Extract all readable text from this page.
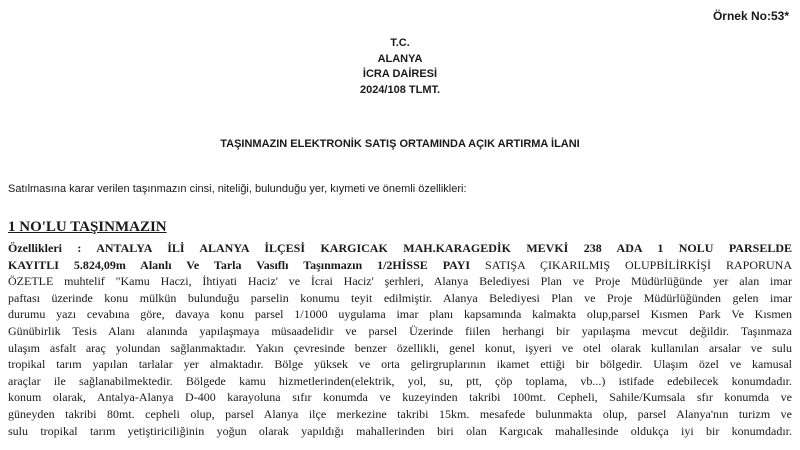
Örnek No:53*
T.C.
ALANYA
İCRA DAİRESİ
2024/108 TLMT.
TAŞINMAZIN ELEKTRONİK SATIŞ ORTAMINDA AÇIK ARTIRMA İLANI
Satılmasına karar verilen taşınmazın cinsi, niteliği, bulunduğu yer, kıymeti ve önemli özellikleri:
1 NO'LU TAŞINMAZIN
Özellikleri : ANTALYA İLİ ALANYA İLÇESİ KARGICAK MAH.KARAGEDİK MEVKİ 238 ADA 1 NOLU PARSELDE
KAYITLI 5.824,09m Alanlı Ve Tarla Vasıflı Taşınmazın 1/2HİSSE PAYI SATIŞA ÇIKARILMIŞ OLUPBİLİRKİŞİ RAPORUNA
ÖZETLE muhtelif "Kamu Haczi, İhtiyati Haciz' ve İcrai Haciz' şerhleri, Alanya Belediyesi Plan ve Proje Müdürlüğünde yer alan imar
paftası üzerinde konu mülkün bulunduğu parselin konumu teyit edilmiştir. Alanya Belediyesi Plan ve Proje Müdürlüğünden gelen imar
durumu yazı cevabına göre, davaya konu parsel 1/1000 uygulama imar planı kapsamında kalmakta olup,parsel Kısmen Park Ve Kısmen
Günübirlik Tesis Alanı alanında yapılaşmaya müsaadelidir ve parsel Üzerinde fiilen herhangi bir yapılaşma mevcut değildir. Taşınmaza
ulaşım asfalt araç yolundan sağlanmaktadır. Yakın çevresinde benzer özellikli, genel konut, işyeri ve otel olarak kullanılan arsalar ve sulu
tropikal tarım yapılan tarlalar yer almaktadır. Bölge yüksek ve orta gelirgruplarının ikamet ettiği bir bölgedir. Ulaşım özel ve kamusal
araçlar ile sağlanabilmektedir. Bölgede kamu hizmetlerinden(elektrik, yol, su, ptt, çöp toplama, vb...) istifade edebilecek konumdadır.
konum olarak, Antalya-Alanya D-400 karayoluna sıfır konumda ve kuzeyinden takribi 100mt. Cepheli, Sahile/Kumsala sfır konumda ve
güneyden takribi 80mt. cepheli olup, parsel Alanya ilçe merkezine takribi 15km. mesafede bulunmakta olup, parsel Alanya'nın turizm ve
sulu tropikal tarım yetiştiriciliğinin yoğun olarak yapıldığı mahallerinden biri olan Kargıcak mahallesinde oldukça iyi bir konumdadır.
